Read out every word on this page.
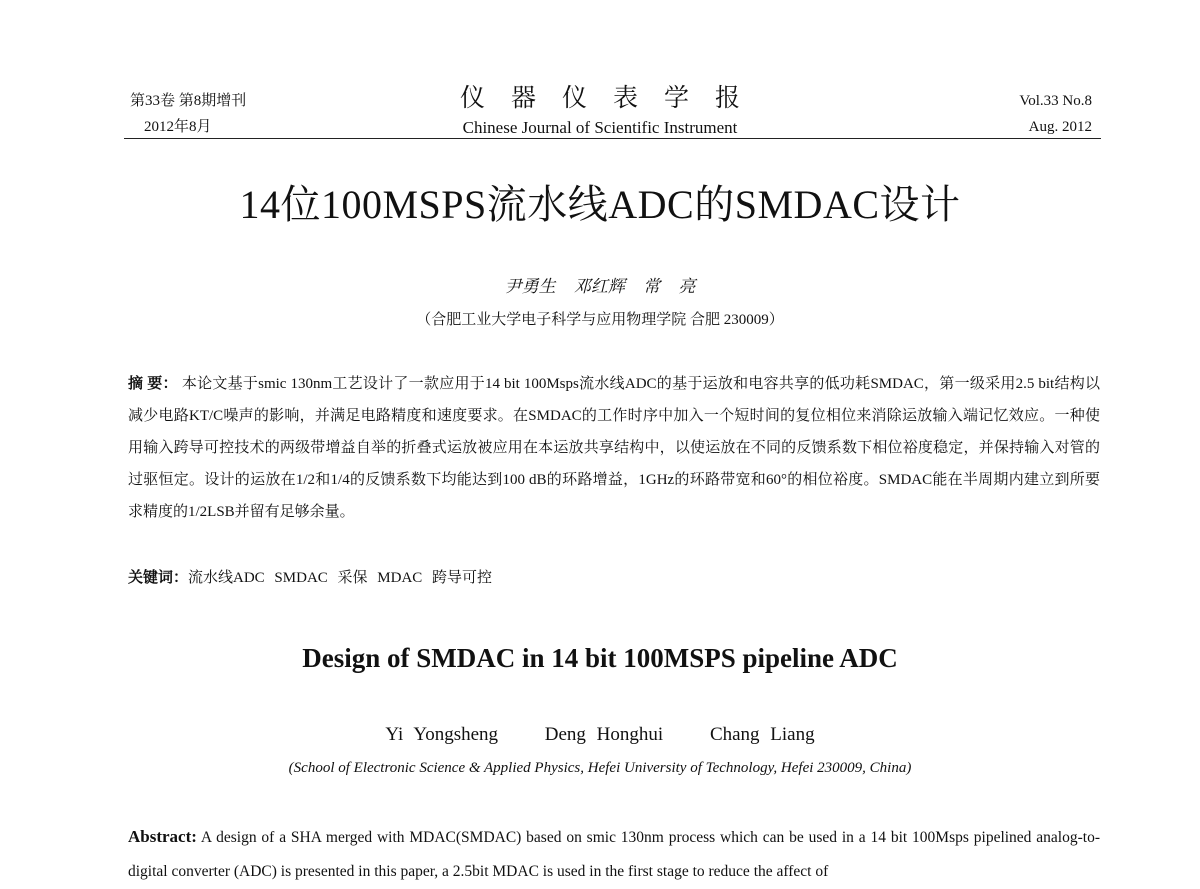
第33卷 第8期增刊
2012年8月
仪器仪表学报
Chinese Journal of Scientific Instrument
Vol.33 No.8
Aug. 2012
14位100MSPS流水线ADC的SMDAC设计
尹勇生 邓红辉 常 亮
（合肥工业大学电子科学与应用物理学院 合肥 230009）
摘 要： 本论文基于smic 130nm工艺设计了一款应用于14 bit 100Msps流水线ADC的基于运放和电容共享的低功耗SMDAC，第一级采用2.5 bit结构以减少电路KT/C噪声的影响，并满足电路精度和速度要求。在SMDAC的工作时序中加入一个短时间的复位相位来消除运放输入端记忆效应。一种使用输入跨导可控技术的两级带增益自举的折叠式运放被应用在本运放共享结构中，以使运放在不同的反馈系数下相位裕度稳定，并保持输入对管的过驱恒定。设计的运放在1/2和1/4的反馈系数下均能达到100 dB的环路增益，1GHz的环路带宽和60°的相位裕度。SMDAC能在半周期内建立到所要求精度的1/2LSB并留有足够余量。
关键词：流水线ADC SMDAC 采保 MDAC 跨导可控
Design of SMDAC in 14 bit 100MSPS pipeline ADC
Yi Yongsheng Deng Honghui Chang Liang
(School of Electronic Science & Applied Physics, Hefei University of Technology, Hefei 230009, China)
Abstract: A design of a SHA merged with MDAC(SMDAC) based on smic 130nm process which can be used in a 14 bit 100Msps pipelined analog-to-digital converter (ADC) is presented in this paper, a 2.5bit MDAC is used in the first stage to reduce the affect of
